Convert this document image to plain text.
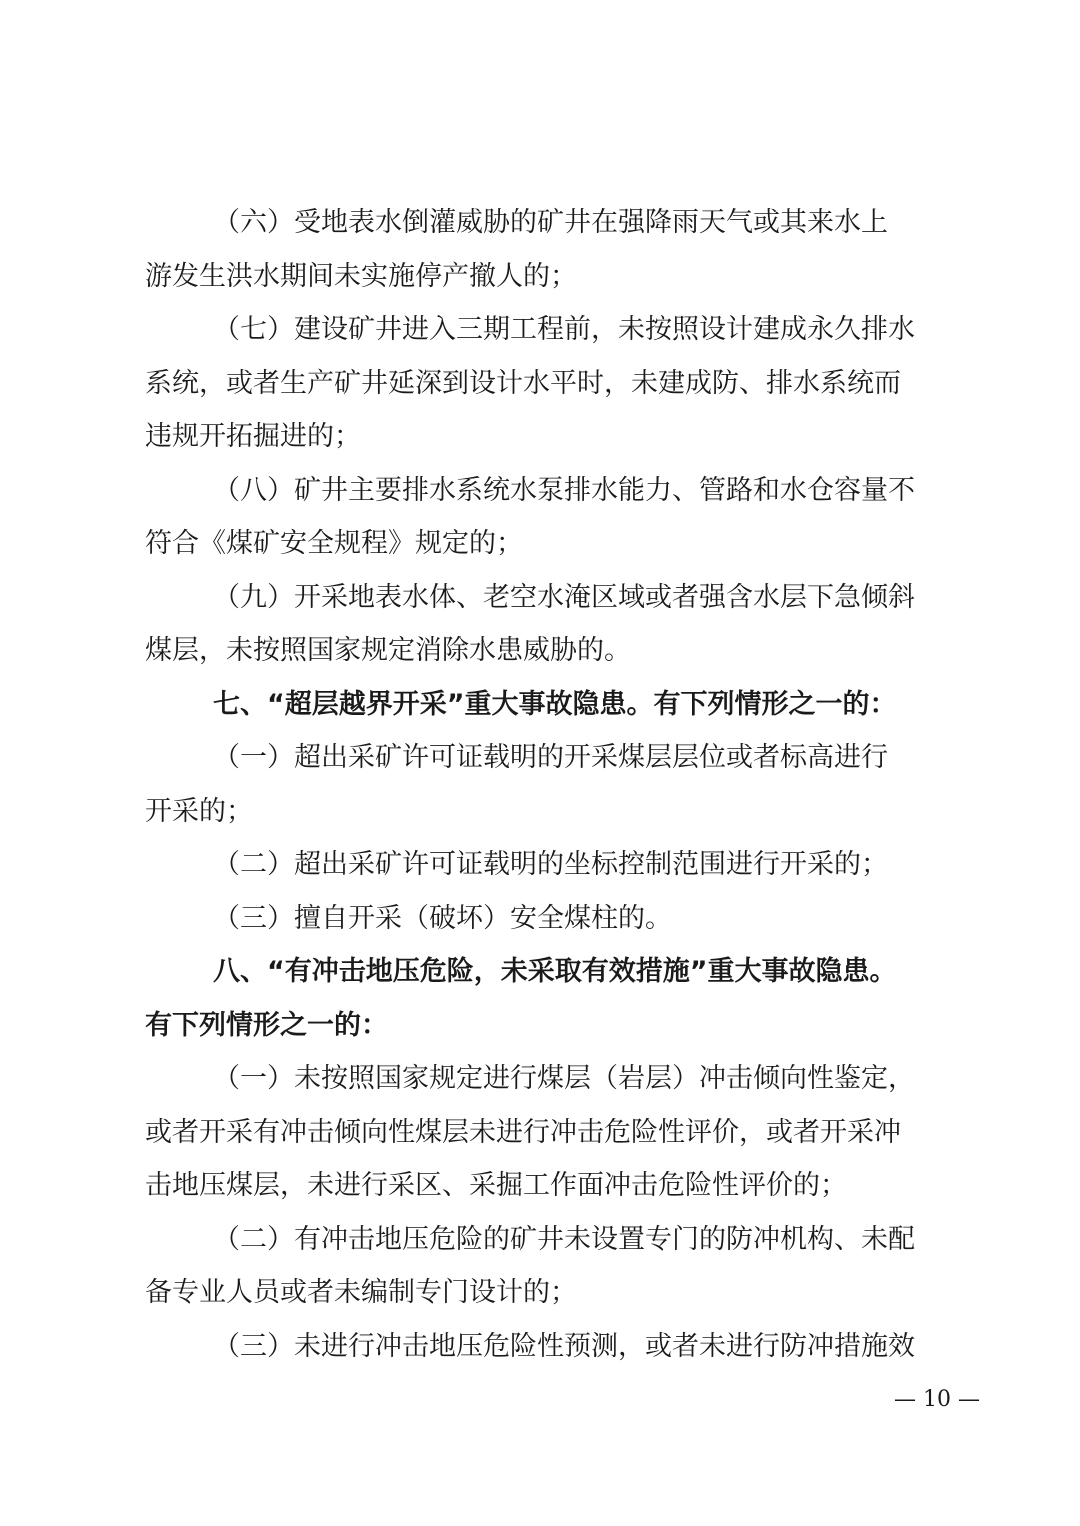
（六）受地表水倒灌威胁的矿井在强降雨天气或其来水上
游发生洪水期间未实施停产撤人的；
（七）建设矿井进入三期工程前，未按照设计建成永久排水
系统，或者生产矿井延深到设计水平时，未建成防、排水系统而
违规开拓掘进的；
（八）矿井主要排水系统水泵排水能力、管路和水仓容量不
符合《煤矿安全规程》规定的；
（九）开采地表水体、老空水淹区域或者强含水层下急倾斜
煤层，未按照国家规定消除水患威胁的。
七、“超层越界开采”重大事故隐患。有下列情形之一的：
（一）超出采矿许可证载明的开采煤层层位或者标高进行
开采的；
（二）超出采矿许可证载明的坐标控制范围进行开采的；
（三）擅自开采（破坏）安全煤柱的。
八、“有冲击地压危险，未采取有效措施”重大事故隐患。
有下列情形之一的：
（一）未按照国家规定进行煤层（岩层）冲击倾向性鉴定，
或者开采有冲击倾向性煤层未进行冲击危险性评价，或者开采冲
击地压煤层，未进行采区、采掘工作面冲击危险性评价的；
（二）有冲击地压危险的矿井未设置专门的防冲机构、未配
备专业人员或者未编制专门设计的；
（三）未进行冲击地压危险性预测，或者未进行防冲措施效
— 10 —
